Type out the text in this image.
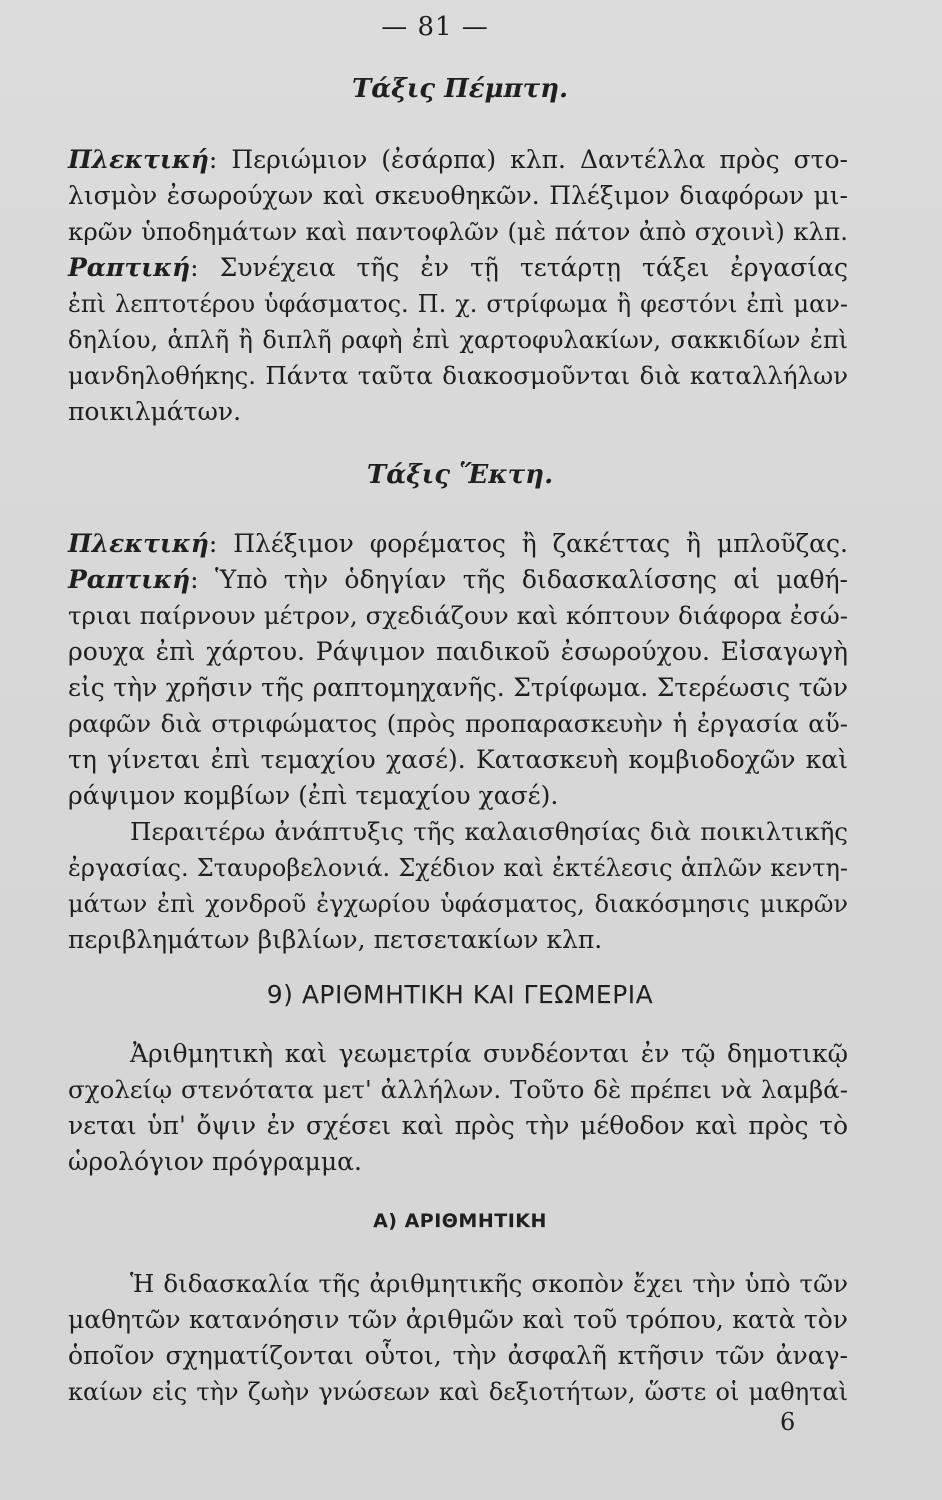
— 81 —
Τάξις Πέμπτη.
Πλεκτική: Περιώμιον (ἐσάρπα) κλπ. Δαντέλλα πρὸς στο-
λισμὸν ἐσωρούχων καὶ σκευοθηκῶν. Πλέξιμον διαφόρων μι-
κρῶν ὑποδημάτων καὶ παντοφλῶν (μὲ πάτον ἀπὸ σχοινὶ) κλπ.
Ραπτική: Συνέχεια τῆς ἐν τῇ τετάρτῃ τάξει ἐργασίας
ἐπὶ λεπτοτέρου ὑφάσματος. Π. χ. στρίφωμα ἢ φεστόνι ἐπὶ μαν-
δηλίου, ἁπλῆ ἢ διπλῆ ραφὴ ἐπὶ χαρτοφυλακίων, σακκιδίων ἐπὶ
μανδηλοθήκης. Πάντα ταῦτα διακοσμοῦνται διὰ καταλλήλων
ποικιλμάτων.
Τάξις Ἕκτη.
Πλεκτική: Πλέξιμον φορέματος ἢ ζακέττας ἢ μπλοῦζας.
Ραπτική: Ὑπὸ τὴν ὁδηγίαν τῆς διδασκαλίσσης αἱ μαθή-
τριαι παίρνουν μέτρον, σχεδιάζουν καὶ κόπτουν διάφορα ἐσώ-
ρουχα ἐπὶ χάρτου. Ράψιμον παιδικοῦ ἐσωρούχου. Εἰσαγωγὴ
εἰς τὴν χρῆσιν τῆς ραπτομηχανῆς. Στρίφωμα. Στερέωσις τῶν
ραφῶν διὰ στριφώματος (πρὸς προπαρασκευὴν ἡ ἐργασία αὕ-
τη γίνεται ἐπὶ τεμαχίου χασέ). Κατασκευὴ κομβιοδοχῶν καὶ
ράψιμον κομβίων (ἐπὶ τεμαχίου χασέ).
Περαιτέρω ἀνάπτυξις τῆς καλαισθησίας διὰ ποικιλτικῆς
ἐργασίας. Σταυροβελονιά. Σχέδιον καὶ ἐκτέλεσις ἁπλῶν κεντη-
μάτων ἐπὶ χονδροῦ ἐγχωρίου ὑφάσματος, διακόσμησις μικρῶν
περιβλημάτων βιβλίων, πετσετακίων κλπ.
9) ΑΡΙΘΜΗΤΙΚΗ ΚΑΙ ΓΕΩΜΕΡΙΑ
Ἀριθμητικὴ καὶ γεωμετρία συνδέονται ἐν τῷ δημοτικῷ
σχολείῳ στενότατα μετ' ἀλλήλων. Τοῦτο δὲ πρέπει νὰ λαμβά-
νεται ὑπ' ὄψιν ἐν σχέσει καὶ πρὸς τὴν μέθοδον καὶ πρὸς τὸ
ὡρολόγιον πρόγραμμα.
Α) ΑΡΙΘΜΗΤΙΚΗ
Ἡ διδασκαλία τῆς ἀριθμητικῆς σκοπὸν ἔχει τὴν ὑπὸ τῶν
μαθητῶν κατανόησιν τῶν ἀριθμῶν καὶ τοῦ τρόπου, κατὰ τὸν
ὁποῖον σχηματίζονται οὗτοι, τὴν ἀσφαλῆ κτῆσιν τῶν ἀναγ-
καίων εἰς τὴν ζωὴν γνώσεων καὶ δεξιοτήτων, ὥστε οἱ μαθηταὶ
6
